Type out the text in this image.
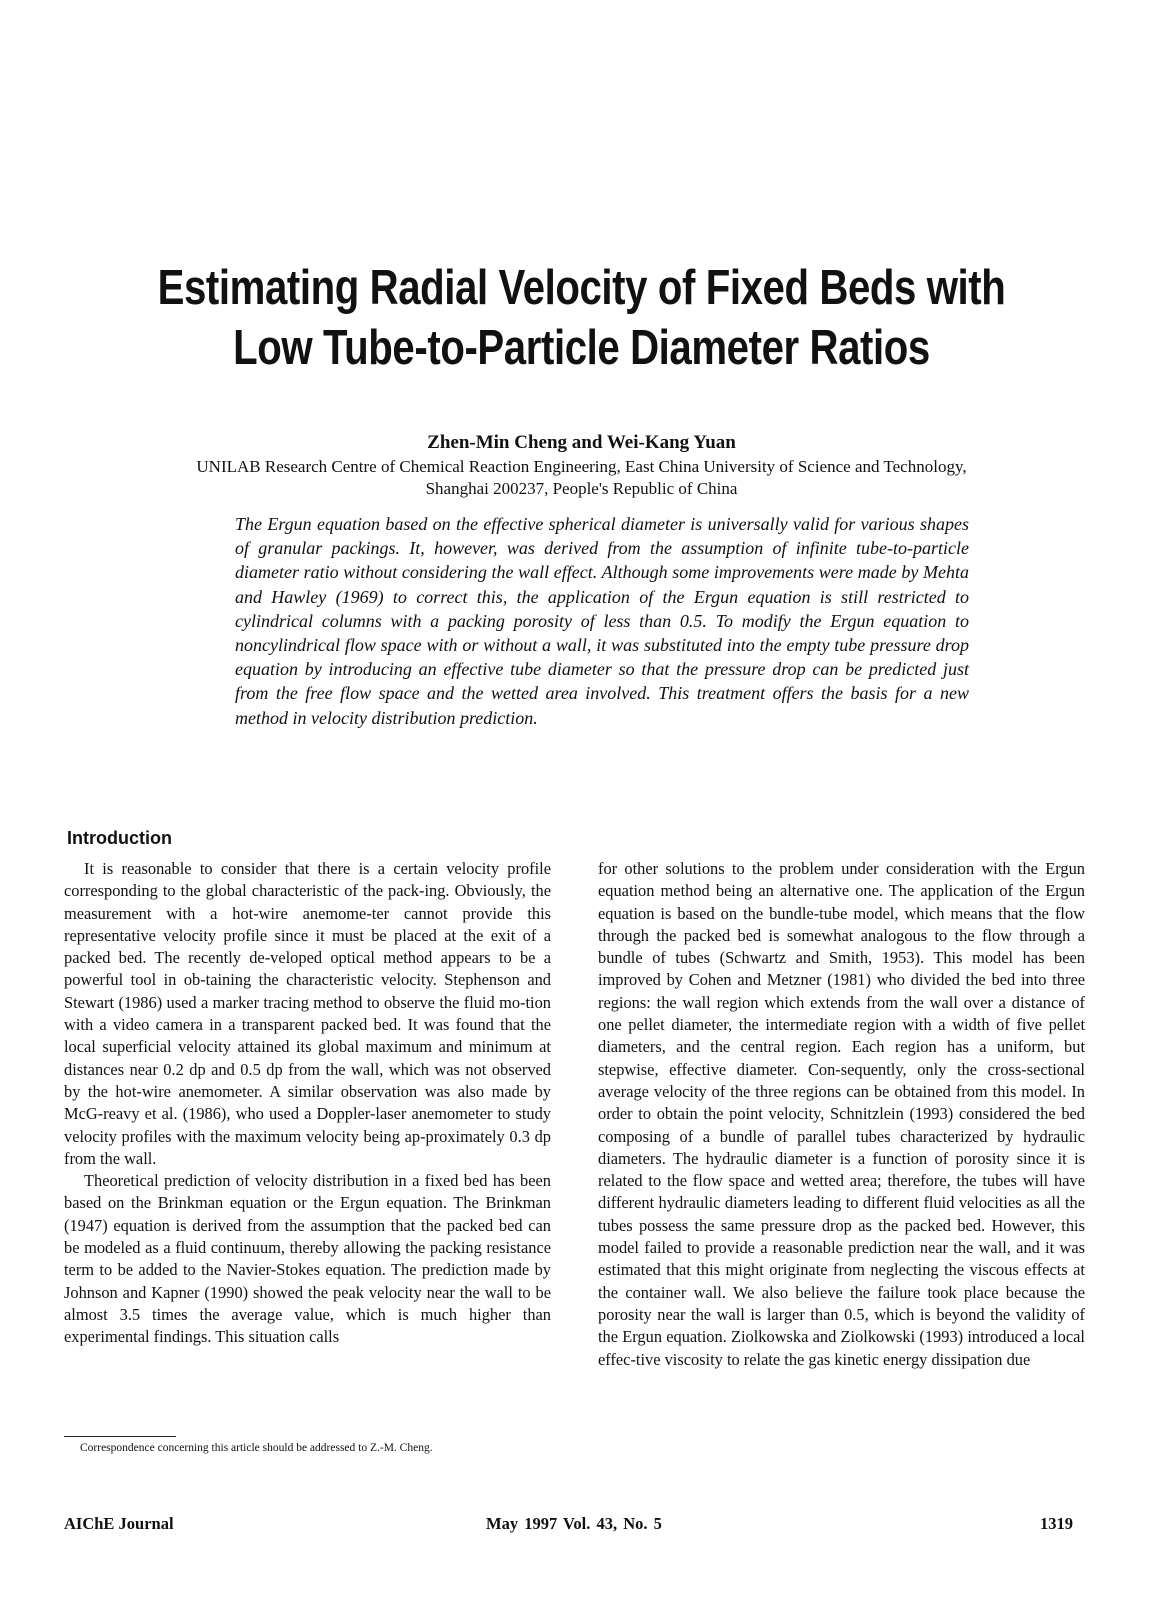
Estimating Radial Velocity of Fixed Beds with
Low Tube-to-Particle Diameter Ratios
Zhen-Min Cheng and Wei-Kang Yuan
UNILAB Research Centre of Chemical Reaction Engineering, East China University of Science and Technology,
Shanghai 200237, People's Republic of China
The Ergun equation based on the effective spherical diameter is universally valid for various shapes of granular packings. It, however, was derived from the assumption of infinite tube-to-particle diameter ratio without considering the wall effect. Although some improvements were made by Mehta and Hawley (1969) to correct this, the application of the Ergun equation is still restricted to cylindrical columns with a packing porosity of less than 0.5. To modify the Ergun equation to noncylindrical flow space with or without a wall, it was substituted into the empty tube pressure drop equation by introducing an effective tube diameter so that the pressure drop can be predicted just from the free flow space and the wetted area involved. This treatment offers the basis for a new method in velocity distribution prediction.
Introduction

It is reasonable to consider that there is a certain velocity profile corresponding to the global characteristic of the pack-ing. Obviously, the measurement with a hot-wire anemome-ter cannot provide this representative velocity profile since it must be placed at the exit of a packed bed. The recently de-veloped optical method appears to be a powerful tool in ob-taining the characteristic velocity. Stephenson and Stewart (1986) used a marker tracing method to observe the fluid mo-tion with a video camera in a transparent packed bed. It was found that the local superficial velocity attained its global maximum and minimum at distances near 0.2 dp and 0.5 dp from the wall, which was not observed by the hot-wire anemometer. A similar observation was also made by McG-reavy et al. (1986), who used a Doppler-laser anemometer to study velocity profiles with the maximum velocity being ap-proximately 0.3 dp from the wall.

Theoretical prediction of velocity distribution in a fixed bed has been based on the Brinkman equation or the Ergun equation. The Brinkman (1947) equation is derived from the assumption that the packed bed can be modeled as a fluid continuum, thereby allowing the packing resistance term to be added to the Navier-Stokes equation. The prediction made by Johnson and Kapner (1990) showed the peak velocity near the wall to be almost 3.5 times the average value, which is much higher than experimental findings. This situation calls

for other solutions to the problem under consideration with the Ergun equation method being an alternative one. The application of the Ergun equation is based on the bundle-tube model, which means that the flow through the packed bed is somewhat analogous to the flow through a bundle of tubes (Schwartz and Smith, 1953). This model has been improved by Cohen and Metzner (1981) who divided the bed into three regions: the wall region which extends from the wall over a distance of one pellet diameter, the intermediate region with a width of five pellet diameters, and the central region. Each region has a uniform, but stepwise, effective diameter. Con-sequently, only the cross-sectional average velocity of the three regions can be obtained from this model. In order to obtain the point velocity, Schnitzlein (1993) considered the bed composing of a bundle of parallel tubes characterized by hydraulic diameters. The hydraulic diameter is a function of porosity since it is related to the flow space and wetted area; therefore, the tubes will have different hydraulic diameters leading to different fluid velocities as all the tubes possess the same pressure drop as the packed bed. However, this model failed to provide a reasonable prediction near the wall, and it was estimated that this might originate from neglecting the viscous effects at the container wall. We also believe the failure took place because the porosity near the wall is larger than 0.5, which is beyond the validity of the Ergun equation. Ziolkowska and Ziolkowski (1993) introduced a local effec-tive viscosity to relate the gas kinetic energy dissipation due

Correspondence concerning this article should be addressed to Z.-M. Cheng.
AIChE Journal	May 1997 Vol. 43, No. 5	1319
